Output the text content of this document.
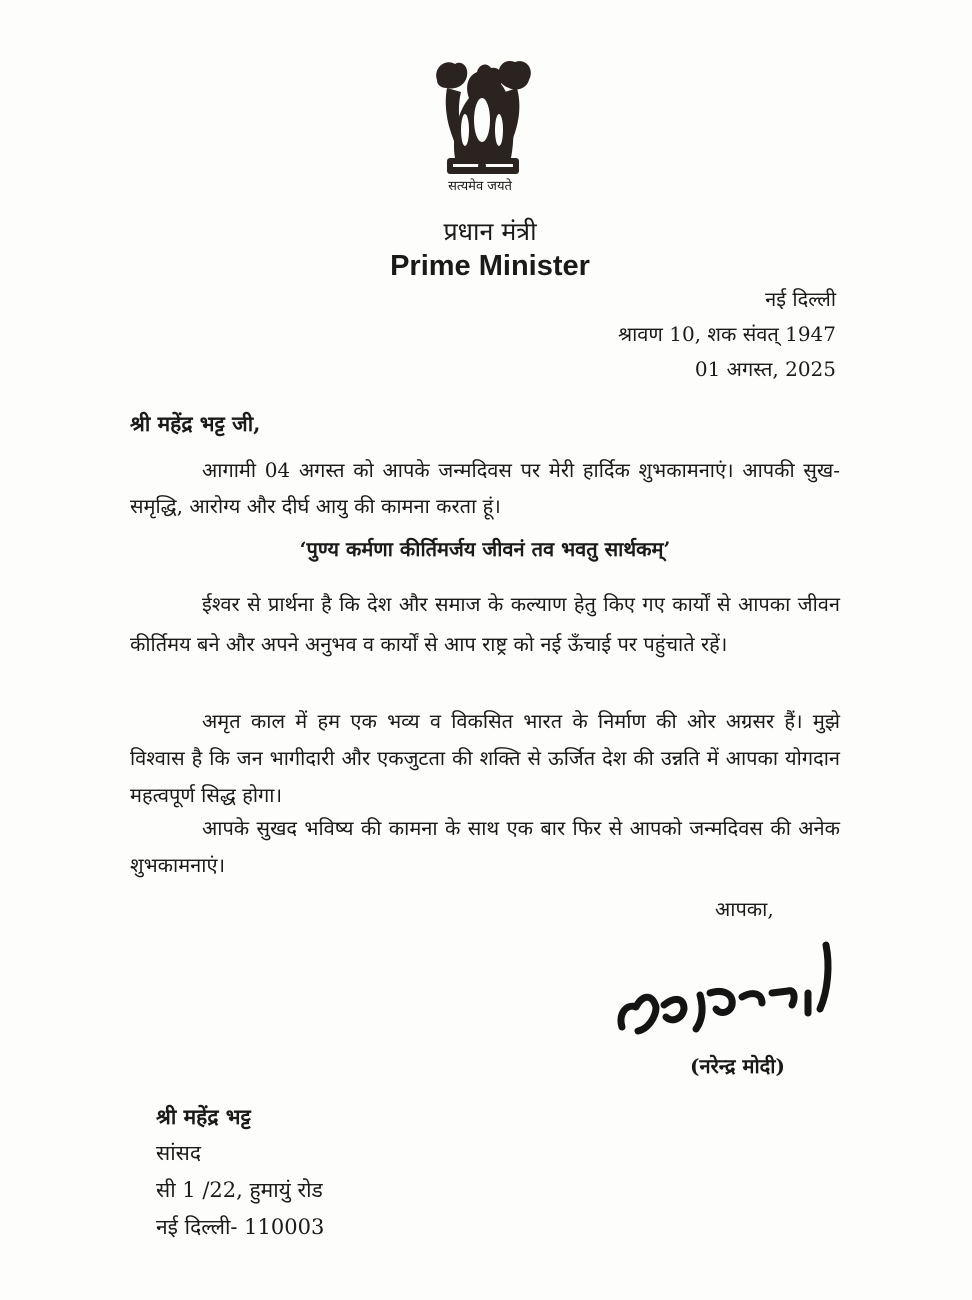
सत्यमेव जयते
प्रधान मंत्री
Prime Minister
नई दिल्ली
श्रावण 10, शक संवत् 1947
01 अगस्त, 2025
श्री महेंद्र भट्ट जी,
आगामी 04 अगस्त को आपके जन्मदिवस पर मेरी हार्दिक शुभकामनाएं। आपकी सुख-समृद्धि, आरोग्य और दीर्घ आयु की कामना करता हूं।
‘पुण्य कर्मणा कीर्तिमर्जय जीवनं तव भवतु सार्थकम्’
ईश्वर से प्रार्थना है कि देश और समाज के कल्याण हेतु किए गए कार्यों से आपका जीवन कीर्तिमय बने और अपने अनुभव व कार्यों से आप राष्ट्र को नई ऊँचाई पर पहुंचाते रहें।
अमृत काल में हम एक भव्य व विकसित भारत के निर्माण की ओर अग्रसर हैं। मुझे विश्वास है कि जन भागीदारी और एकजुटता की शक्ति से ऊर्जित देश की उन्नति में आपका योगदान महत्वपूर्ण सिद्ध होगा।
आपके सुखद भविष्य की कामना के साथ एक बार फिर से आपको जन्मदिवस की अनेक शुभकामनाएं।
आपका,
(नरेन्द्र मोदी)
श्री महेंद्र भट्ट
सांसद
सी 1 /22, हुमायुं रोड
नई दिल्ली- 110003
